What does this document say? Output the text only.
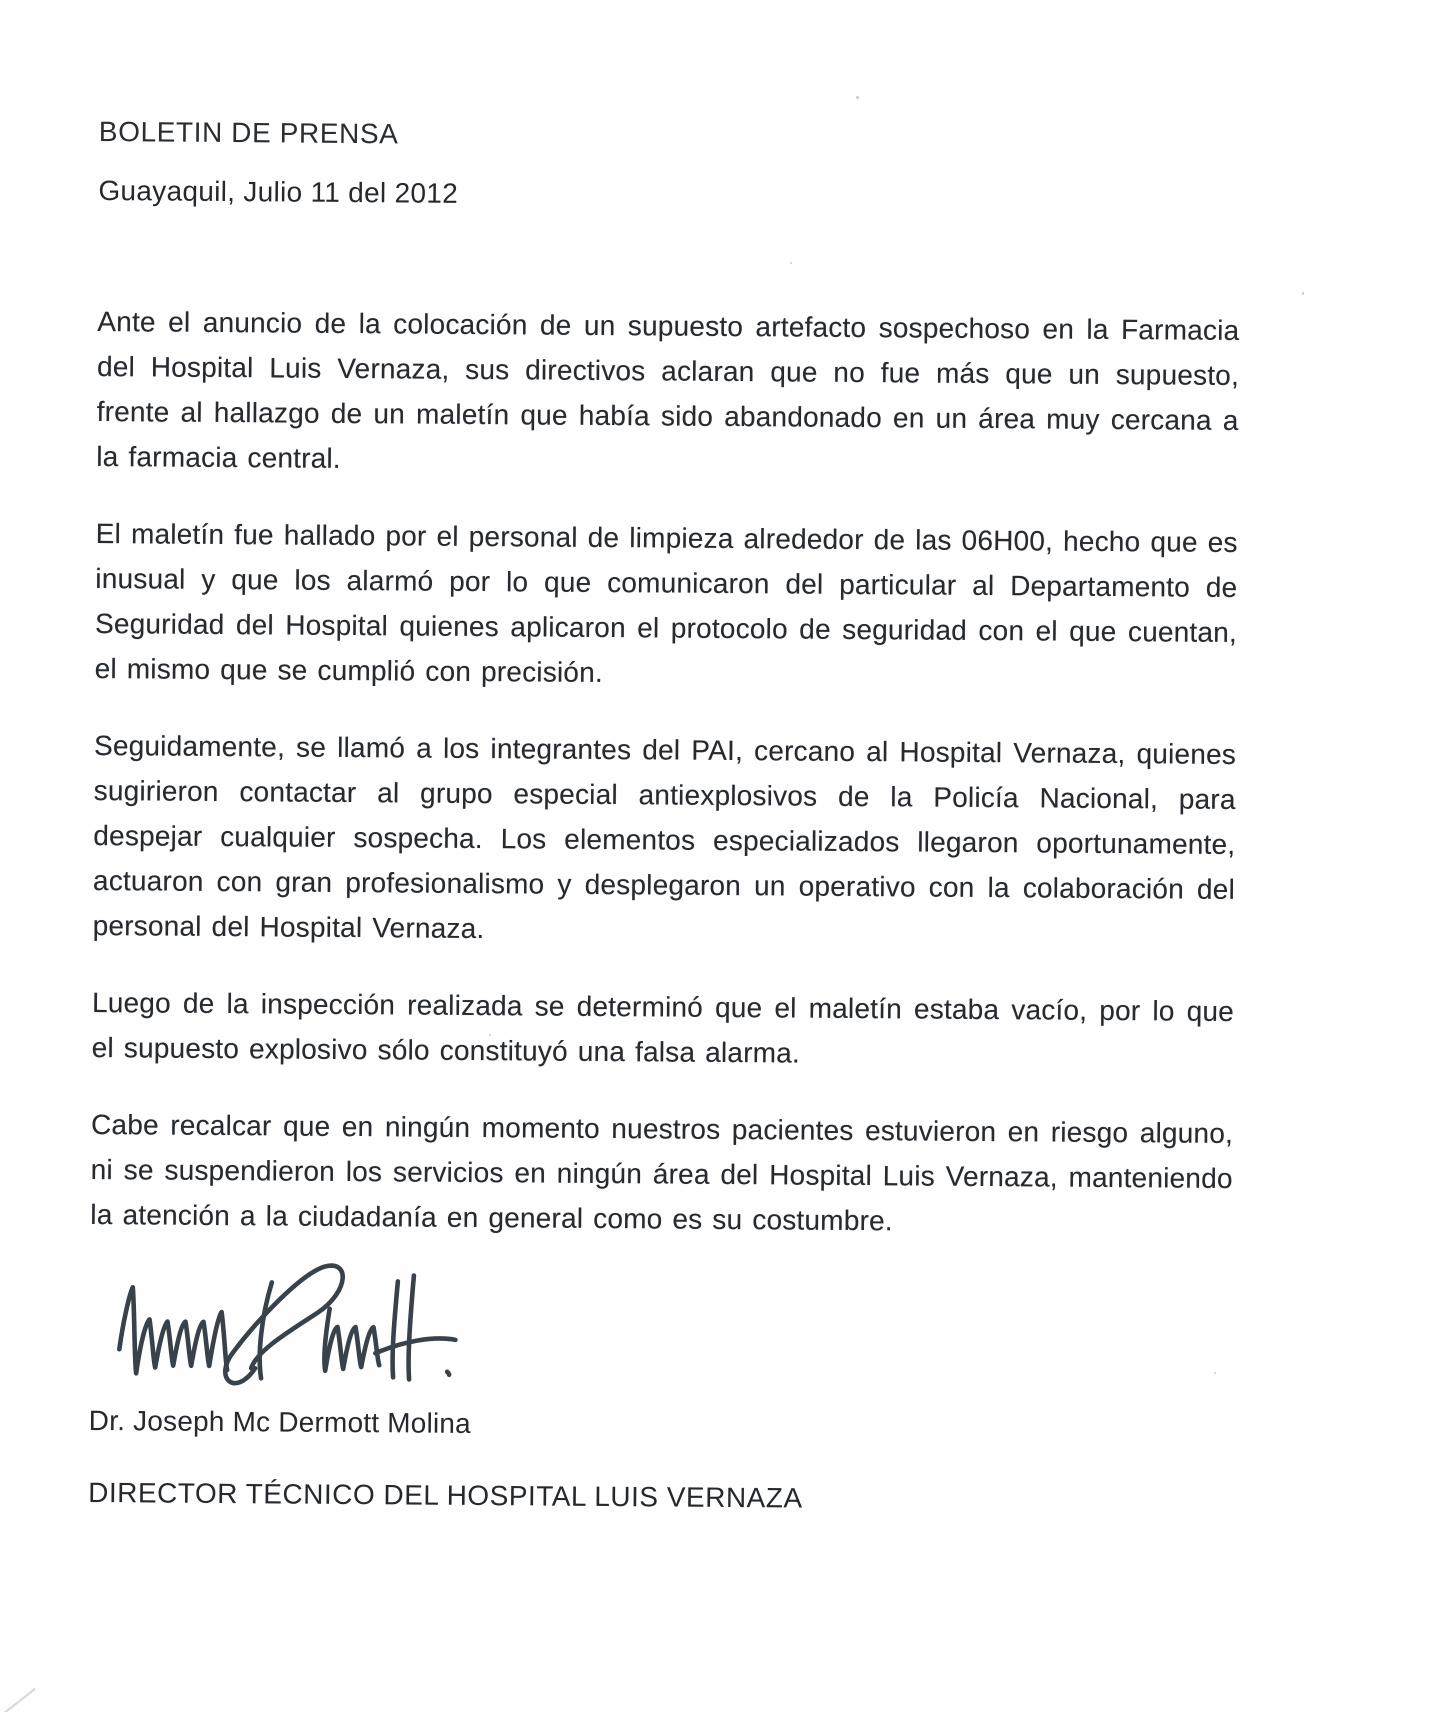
BOLETIN DE PRENSA

Guayaquil, Julio 11 del 2012

Ante el anuncio de la colocación de un supuesto artefacto sospechoso en la Farmacia del Hospital Luis Vernaza, sus directivos aclaran que no fue más que un supuesto, frente al hallazgo de un maletín que había sido abandonado en un área muy cercana a la farmacia central.

El maletín fue hallado por el personal de limpieza alrededor de las 06H00, hecho que es inusual y que los alarmó por lo que comunicaron del particular al Departamento de Seguridad del Hospital quienes aplicaron el protocolo de seguridad con el que cuentan, el mismo que se cumplió con precisión.

Seguidamente, se llamó a los integrantes del PAI, cercano al Hospital Vernaza, quienes sugirieron contactar al grupo especial antiexplosivos de la Policía Nacional, para despejar cualquier sospecha. Los elementos especializados llegaron oportunamente, actuaron con gran profesionalismo y desplegaron un operativo con la colaboración del personal del Hospital Vernaza.

Luego de la inspección realizada se determinó que el maletín estaba vacío, por lo que el supuesto explosivo sólo constituyó una falsa alarma.

Cabe recalcar que en ningún momento nuestros pacientes estuvieron en riesgo alguno, ni se suspendieron los servicios en ningún área del Hospital Luis Vernaza, manteniendo la atención a la ciudadanía en general como es su costumbre.

Dr. Joseph Mc Dermott Molina

DIRECTOR TÉCNICO DEL HOSPITAL LUIS VERNAZA
